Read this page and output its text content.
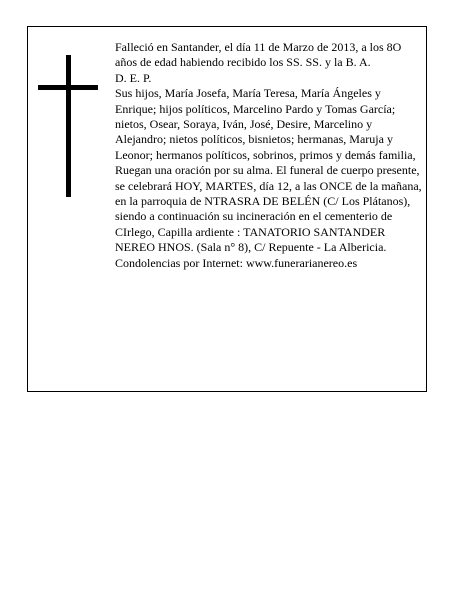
Falleció en Santander, el día 11 de Marzo de 2013, a los 8O años de edad habiendo recibido los SS. SS. y la B. A.

D. E. P.

Sus hijos, María Josefa, María Teresa, María Ángeles y Enrique; hijos políticos, Marcelino Pardo y Tomas García; nietos, Osear, Soraya, Iván, José, Desire, Marcelino y Alejandro; nietos políticos, bisnietos; hermanas, Maruja y Leonor; hermanos políticos, sobrinos, primos y demás familia,

Ruegan una oración por su alma. El funeral de cuerpo presente, se celebrará HOY, MARTES, día 12, a las ONCE de la mañana, en la parroquia de NTRASRA DE BELÉN (C/ Los Plátanos), siendo a continuación su incineración en el cementerio de CIrlego, Capilla ardiente : TANATORIO SANTANDER NEREO HNOS. (Sala n° 8), C/ Repuente - La Albericia.

Condolencias por Internet: www.funerarianereo.es
